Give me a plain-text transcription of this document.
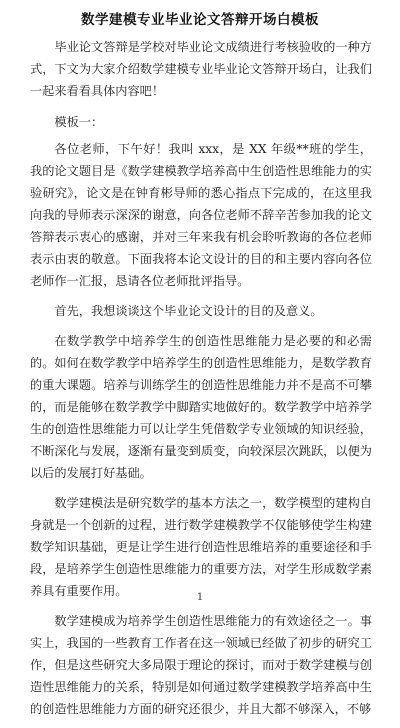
数学建模专业毕业论文答辩开场白模板

毕业论文答辩是学校对毕业论文成绩进行考核验收的一种方式，下文为大家介绍数学建模专业毕业论文答辩开场白，让我们一起来看看具体内容吧！

模板一：

各位老师，下午好！我叫 xxx，是 XX 年级**班的学生，我的论文题目是《数学建模教学培养高中生创造性思维能力的实验研究》，论文是在钟育彬导师的悉心指点下完成的，在这里我向我的导师表示深深的谢意，向各位老师不辞辛苦参加我的论文答辩表示衷心的感谢，并对三年来我有机会聆听教诲的各位老师表示由衷的敬意。下面我将本论文设计的目的和主要内容向各位老师作一汇报，恳请各位老师批评指导。

首先，我想谈谈这个毕业论文设计的目的及意义。

在数学教学中培养学生的创造性思维能力是必要的和必需的。如何在数学教学中培养学生的创造性思维能力，是数学教育的重大课题。培养与训练学生的创造性思维能力并不是高不可攀的，而是能够在数学教学中脚踏实地做好的。数学教学中培养学生的创造性思维能力可以让学生凭借数学专业领域的知识经验，不断深化与发展，逐渐有量变到质变，向较深层次跳跃，以便为以后的发展打好基础。

数学建模法是研究数学的基本方法之一，数学模型的建构自身就是一个创新的过程，进行数学建模教学不仅能够使学生构建数学知识基础，更是让学生进行创造性思维培养的重要途径和手段，是培养学生创造性思维能力的重要方法，对学生形成数学素养具有重要作用。

数学建模成为培养学生创造性思维能力的有效途径之一。事实上，我国的一些教育工作者在这一领域已经做了初步的研究工作，但是这些研究大多局限于理论的探讨，而对于数学建模与创造性思维能力的关系，特别是如何通过数学建模教学培养高中生的创造性思维能力方面的研究还很少，并且大都不够深入，不够

1
